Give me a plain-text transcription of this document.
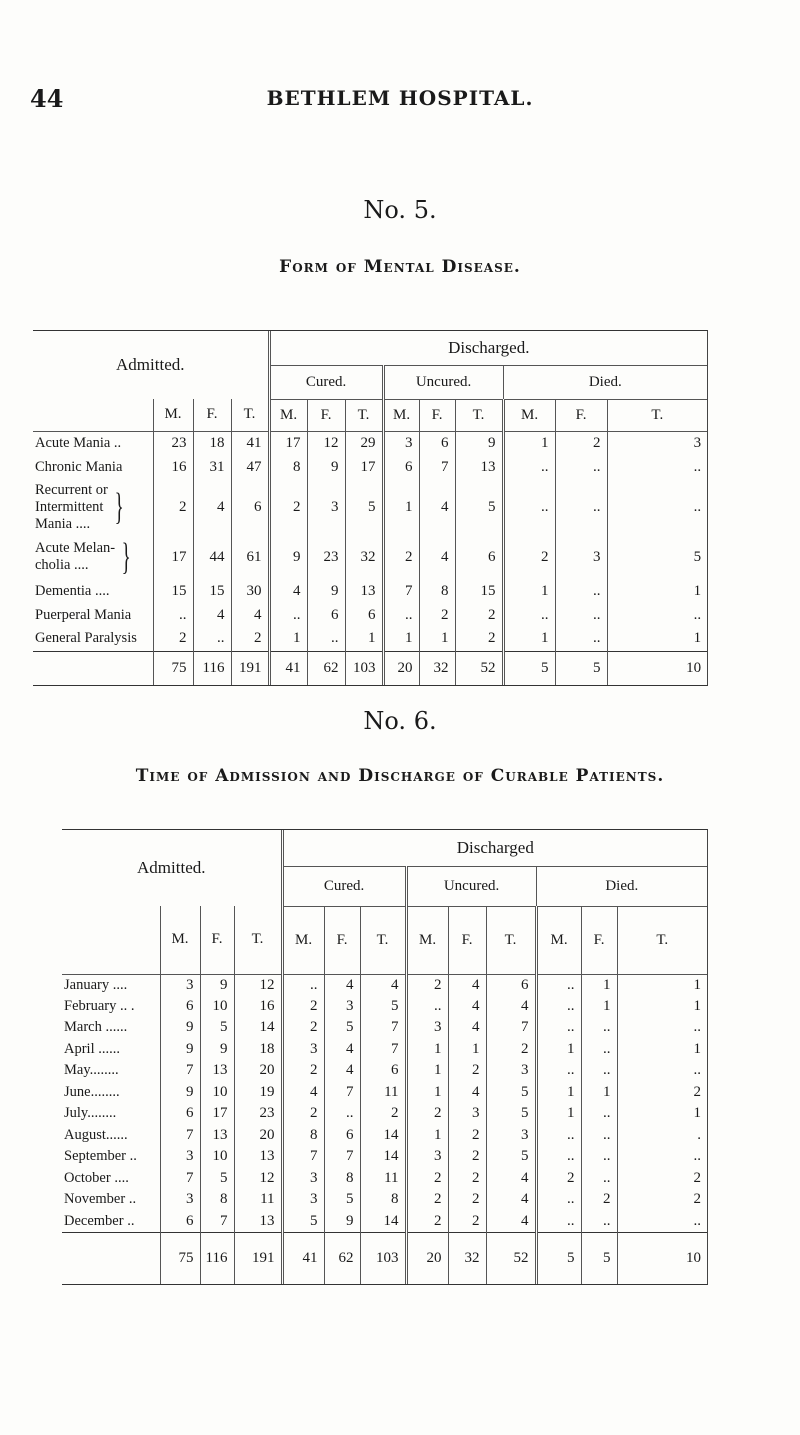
44	BETHLEM HOSPITAL.
No. 5.
Form of Mental Disease.
Admitted.				Discharged.								
				Cured.			Uncured.			Died.		
	M.	F.	T.	M.	F.	T.	M.	F.	T.	M.	F.	T.
Acute Mania ..	23	18	41	17	12	29	3	6	9	1	2	3
Chronic Mania	16	31	47	8	9	17	6	7	13	..	..	..

Recurrent or
Intermittent
Mania .... }	2	4	6	2	3	5	1	4	5	..	..	..

Acute Melan-
cholia .... }	17	44	61	9	23	32	2	4	6	2	3	5
Dementia ....	15	15	30	4	9	13	7	8	15	1	..	1
Puerperal Mania	..	4	4	..	6	6	..	2	2	..	..	..
General Paralysis	2	..	2	1	..	1	1	1	2	1	..	1
	75	116	191	41	62	103	20	32	52	5	5	10
No. 6.
Time of Admission and Discharge of Curable Patients.
Admitted.				Discharged								
				Cured.			Uncured.			Died.		
	M.	F.	T.	M.	F.	T.	M.	F.	T.	M.	F.	T.
January ....	3	9	12	..	4	4	2	4	6	..	1	1
February .. .	6	10	16	2	3	5	..	4	4	..	1	1
March ......	9	5	14	2	5	7	3	4	7	..	..	..
April ......	9	9	18	3	4	7	1	1	2	1	..	1
May........	7	13	20	2	4	6	1	2	3	..	..	..
June........	9	10	19	4	7	11	1	4	5	1	1	2
July........	6	17	23	2	..	2	2	3	5	1	..	1
August......	7	13	20	8	6	14	1	2	3	..	..	.
September ..	3	10	13	7	7	14	3	2	5	..	..	..
October ....	7	5	12	3	8	11	2	2	4	2	..	2
November ..	3	8	11	3	5	8	2	2	4	..	2	2
December ..	6	7	13	5	9	14	2	2	4	..	..	..
	75	116	191	41	62	103	20	32	52	5	5	10
